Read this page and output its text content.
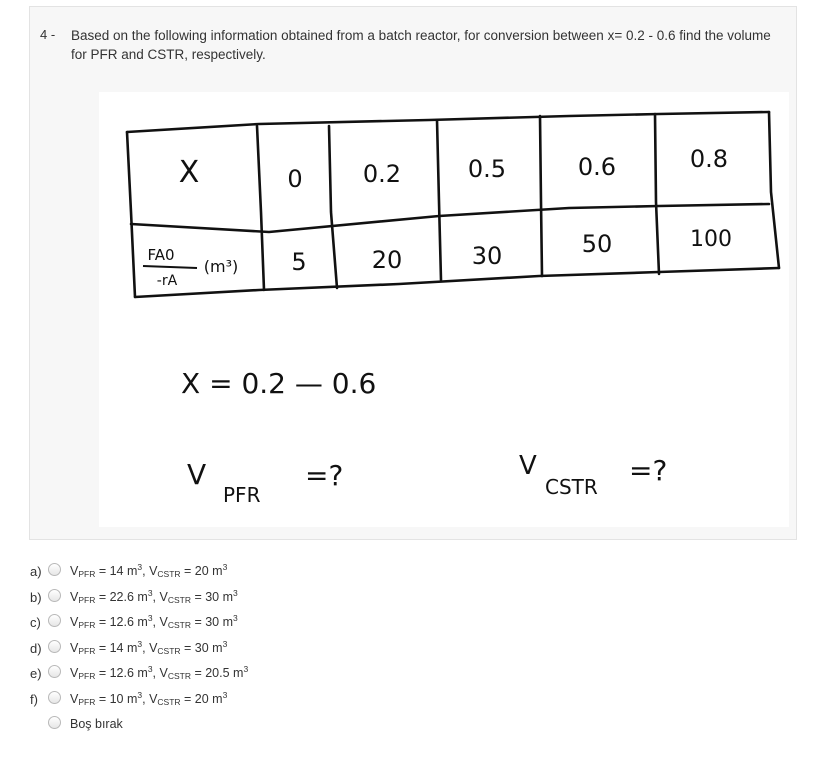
4 - Based on the following information obtained from a batch reactor, for conversion between x= 0.2 - 0.6 find the volume for PFR and CSTR, respectively.
X	0	0.2	0.5	0.6	0.8
FA0
-rA
(m³) 5	20	30	50	100
X = 0.2 — 0.6
V
PFR
=?	V
CSTR =?
a) $V_{PFR} = 14$ $m^3$, $V_{CSTR} = 20$ $m^3$
b) $V_{PFR} = 22.6$ $m^3$, $V_{CSTR} = 30$ $m^3$
c) $V_{PFR} = 12.6$ $m^3$, $V_{CSTR} = 30$ $m^3$
d) $V_{PFR} = 14$ $m^3$, $V_{CSTR} = 30$ $m^3$
e) $V_{PFR} = 12.6$ $m^3$, $V_{CSTR} = 20.5$ $m^3$
f)	$V_{PFR} = 10$ $m^3$, $V_{CSTR} = 20$ $m^3$
Boş bırak
